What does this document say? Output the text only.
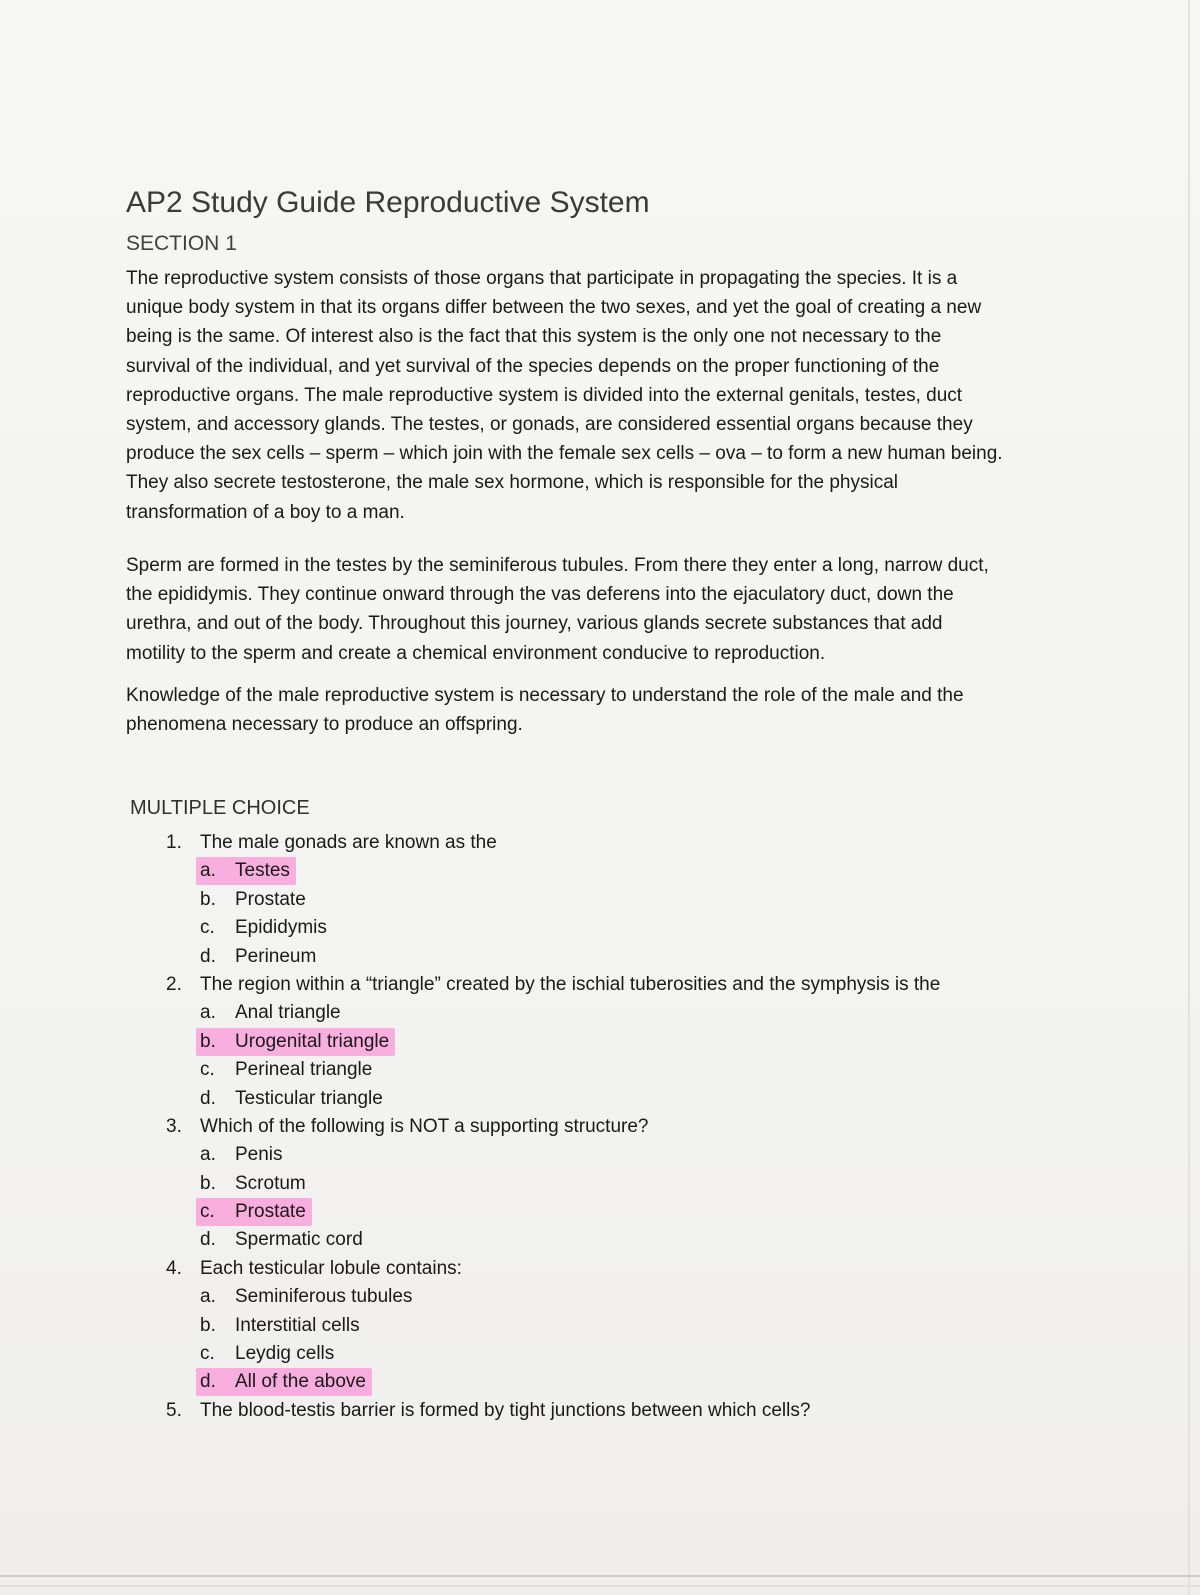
AP2 Study Guide Reproductive System
SECTION 1

The reproductive system consists of those organs that participate in propagating the species. It is a
unique body system in that its organs differ between the two sexes, and yet the goal of creating a new
being is the same. Of interest also is the fact that this system is the only one not necessary to the
survival of the individual, and yet survival of the species depends on the proper functioning of the
reproductive organs. The male reproductive system is divided into the external genitals, testes, duct
system, and accessory glands. The testes, or gonads, are considered essential organs because they
produce the sex cells – sperm – which join with the female sex cells – ova – to form a new human being.
They also secrete testosterone, the male sex hormone, which is responsible for the physical
transformation of a boy to a man.

Sperm are formed in the testes by the seminiferous tubules. From there they enter a long, narrow duct,
the epididymis. They continue onward through the vas deferens into the ejaculatory duct, down the
urethra, and out of the body. Throughout this journey, various glands secrete substances that add
motility to the sperm and create a chemical environment conducive to reproduction.

Knowledge of the male reproductive system is necessary to understand the role of the male and the
phenomena necessary to produce an offspring.

MULTIPLE CHOICE
1. The male gonads are known as the
a. Testes
b. Prostate
c. Epididymis
d. Perineum
2. The region within a “triangle” created by the ischial tuberosities and the symphysis is the
a. Anal triangle
b. Urogenital triangle
c. Perineal triangle
d. Testicular triangle
3. Which of the following is NOT a supporting structure?
a. Penis
b. Scrotum
c. Prostate
d. Spermatic cord
4. Each testicular lobule contains:
a. Seminiferous tubules
b. Interstitial cells
c. Leydig cells
d. All of the above
5. The blood-testis barrier is formed by tight junctions between which cells?
